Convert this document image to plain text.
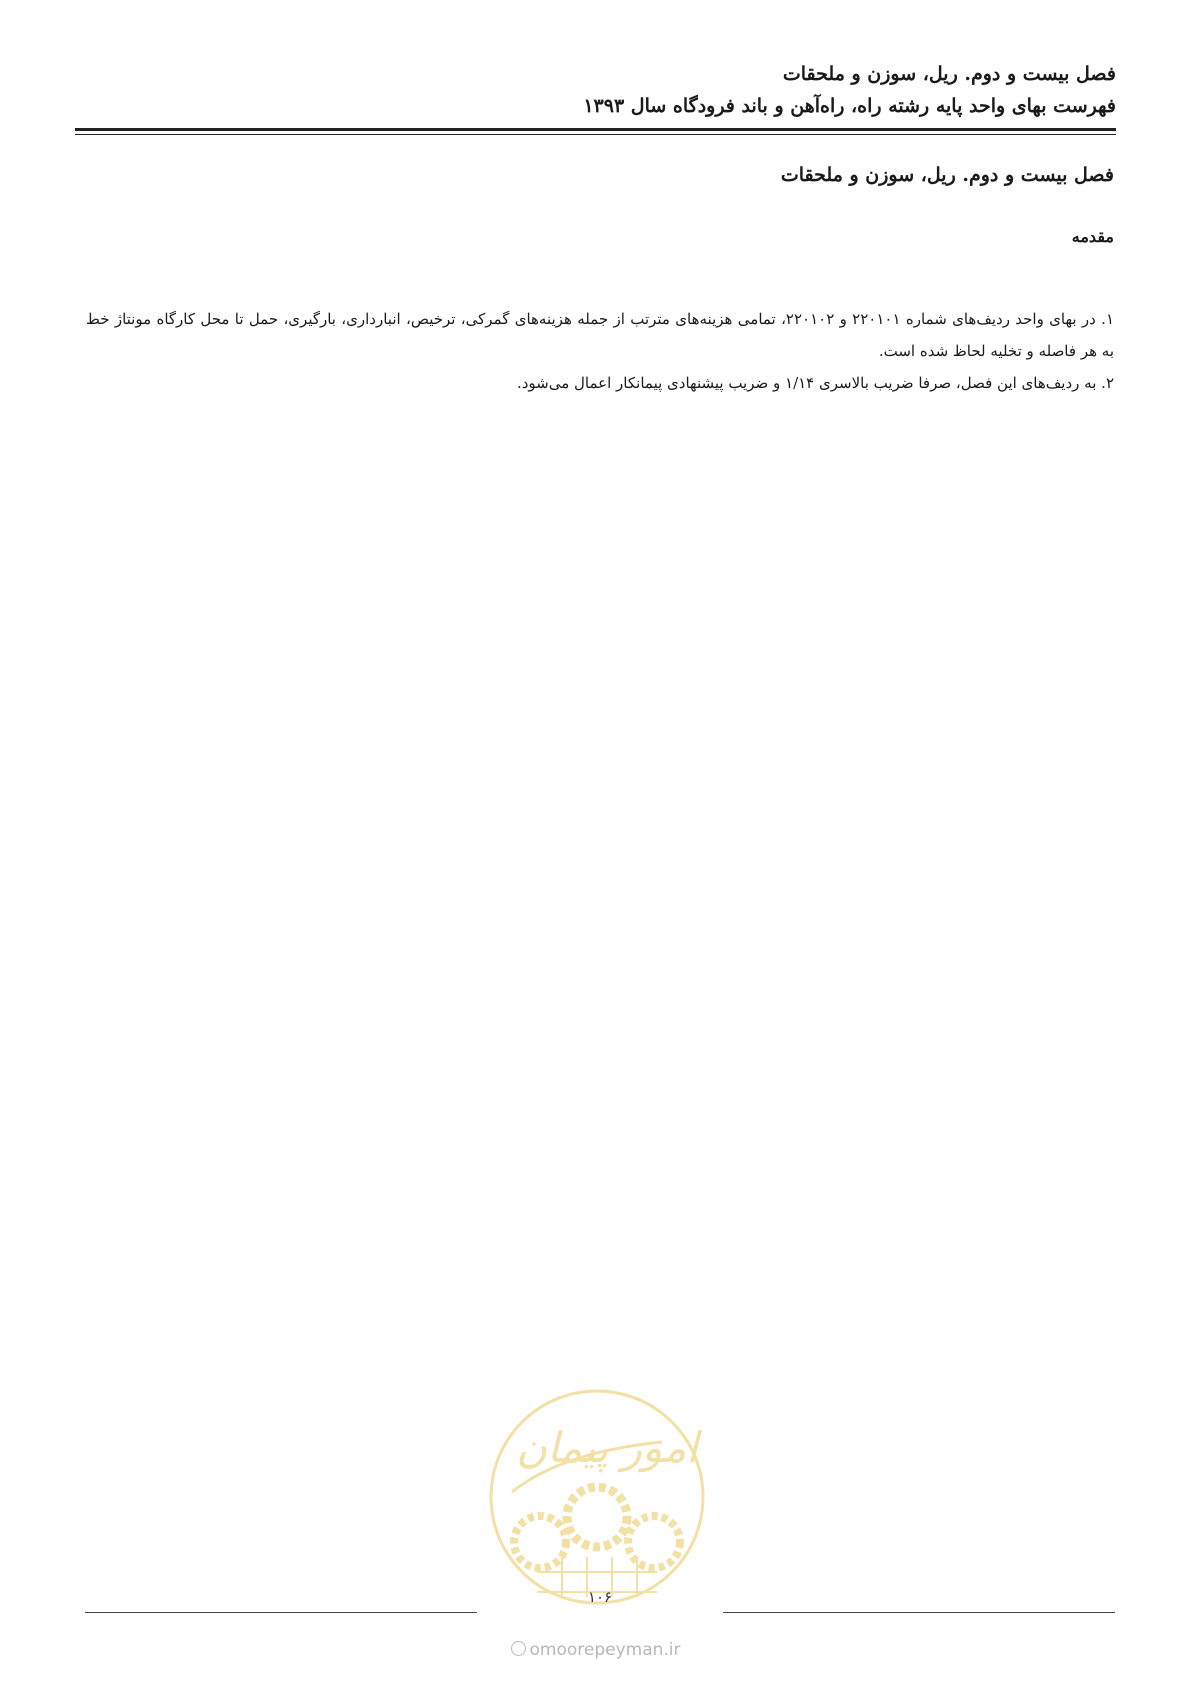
فصل بیست و دوم. ریل، سوزن و ملحقات
فهرست بهای واحد پایه رشته راه، راه‌آهن و باند فرودگاه سال ۱۳۹۳
فصل بیست و دوم. ریل، سوزن و ملحقات
مقدمه

۱. در بهای واحد ردیف‌های شماره ۲۲۰۱۰۱ و ۲۲۰۱۰۲، تمامی هزینه‌های مترتب از جمله هزینه‌های گمرکی، ترخیص، انبارداری، بارگیری، حمل تا محل کارگاه مونتاژ خط به هر فاصله و تخلیه لحاظ شده است.

۲. به ردیف‌های این فصل، صرفا ضریب بالاسری ۱/۱۴ و ضریب پیشنهادی پیمانکار اعمال می‌شود.

امور پیمان
۱۰۶
omoorepeyman.ir
